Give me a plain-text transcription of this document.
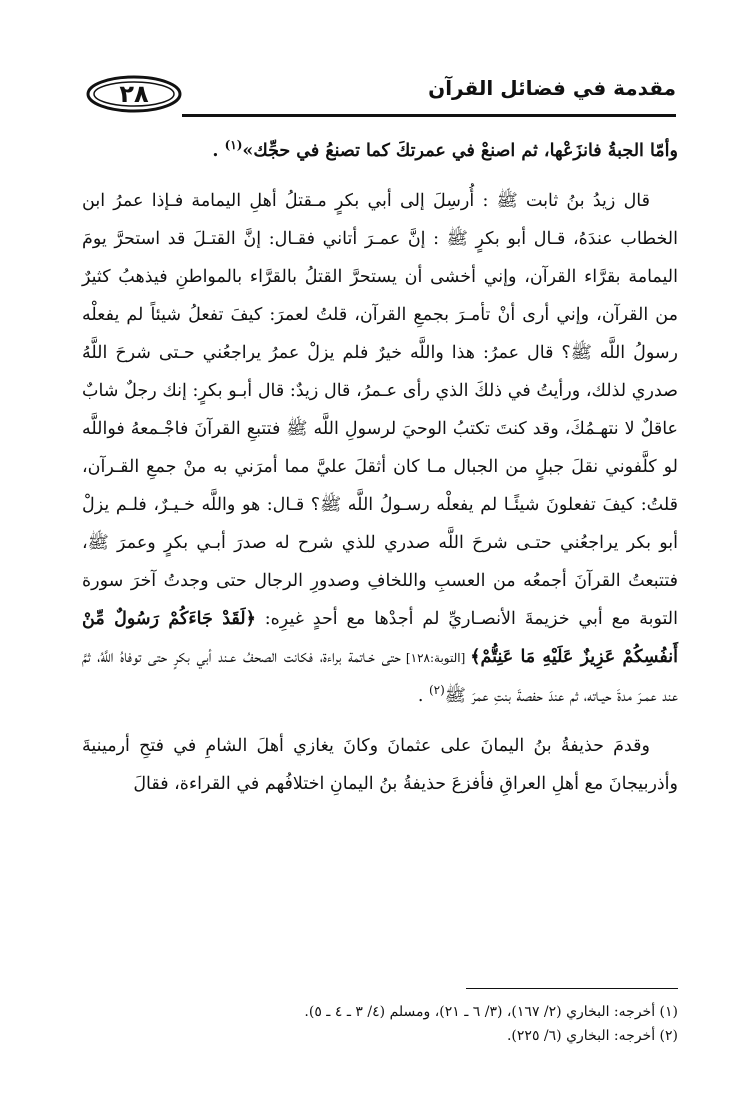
٢٨	مقدمة في فضائل القرآن

وأمّا الجبةُ فانزَعْها، ثم اصنعْ في عمرتكَ كما تصنعُ في حجِّك»$^{(١)}$ .

قال زيدُ بنُ ثابت ﷺ : أُرسِلَ إلى أبي بكرٍ مـقتلُ أهلِ اليمامة فـإذا عمرُ ابن الخطاب عندَهُ، قـال أبو بكرٍ ﷺ : إنَّ عمـرَ أتاني فقـال: إنَّ القتـلَ قد استحرَّ يومَ اليمامة بقرَّاء القرآن، وإني أخشى أن يستحرَّ القتلُ بالقرَّاء بالمواطنِ فيذهبُ كثيرٌ من القرآن، وإني أرى أنْ تأمـرَ بجمعِ القرآن، قلتُ لعمرَ: كيفَ تفعلُ شيئاً لم يفعلْه رسولُ اللَّه ﷺ؟ قال عمرُ: هذا واللَّه خيرٌ فلم يزلْ عمرُ يراجعُني حـتى شرحَ اللَّهُ صدري لذلك، ورأيتُ في ذلكَ الذي رأى عـمرُ، قال زيدٌ: قال أبـو بكرٍ: إنك رجلٌ شابٌ عاقلٌ لا نتهـمُكَ، وقد كنتَ تكتبُ الوحيَ لرسولِ اللَّه ﷺ فتتبعِ القرآنَ فاجْـمعهُ فواللَّه لو كلَّفوني نقلَ جبلٍ من الجبال مـا كان أثقلَ عليَّ مما أمرَني به منْ جمعِ القـرآن، قلتُ: كيفَ تفعلونَ شيئًـا لم يفعلْه رسـولُ اللَّه ﷺ؟ قـال: هو واللَّه خـيـرٌ، فلـم يزلْ أبو بكر يراجعُني حتـى شرحَ اللَّه صدري للذي شرح له صدرَ أبـي بكرٍ وعمرَ ﷺ، فتتبعتُ القرآنَ أجمعُه من العسبِ واللخافِ وصدورِ الرجال حتى وجدتُ آخرَ سورة التوبة مع أبي خزيمةَ الأنصـاريِّ لم أجدْها مع أحدٍ غيرِه: ﴿لَقَدْ جَاءَكُمْ رَسُولٌ مِّنْ أَنفُسِكُمْ عَزِيزٌ عَلَيْهِ مَا عَنِتُّمْ﴾ [التوبة:١٢٨] حتى خـاتمة براءة، فكانت الصحفُ عـند أبي بكرٍ حتى توفاهُ اللَّهُ، ثمَّ عند عمـرَ مدةَ حيـاته، ثم عندَ حفصةَ بنتِ عمرَ ﷺ$^{(٢)}$ .

وقدمَ حذيفةُ بنُ اليمانَ على عثمانَ وكانَ يغازي أهلَ الشامِ في فتحِ أرمينيةَ وأذربيجانَ مع أهلِ العراقِ فأفزعَ حذيفةُ بنُ اليمانِ اختلافُهم في القراءة، فقالَ

(١) أخرجه: البخاري (٢/ ١٦٧)، (٣/ ٦ ـ ٢١)، ومسلم (٤/ ٣ ـ ٤ ـ ٥).
(٢) أخرجه: البخاري (٦/ ٢٢٥).
